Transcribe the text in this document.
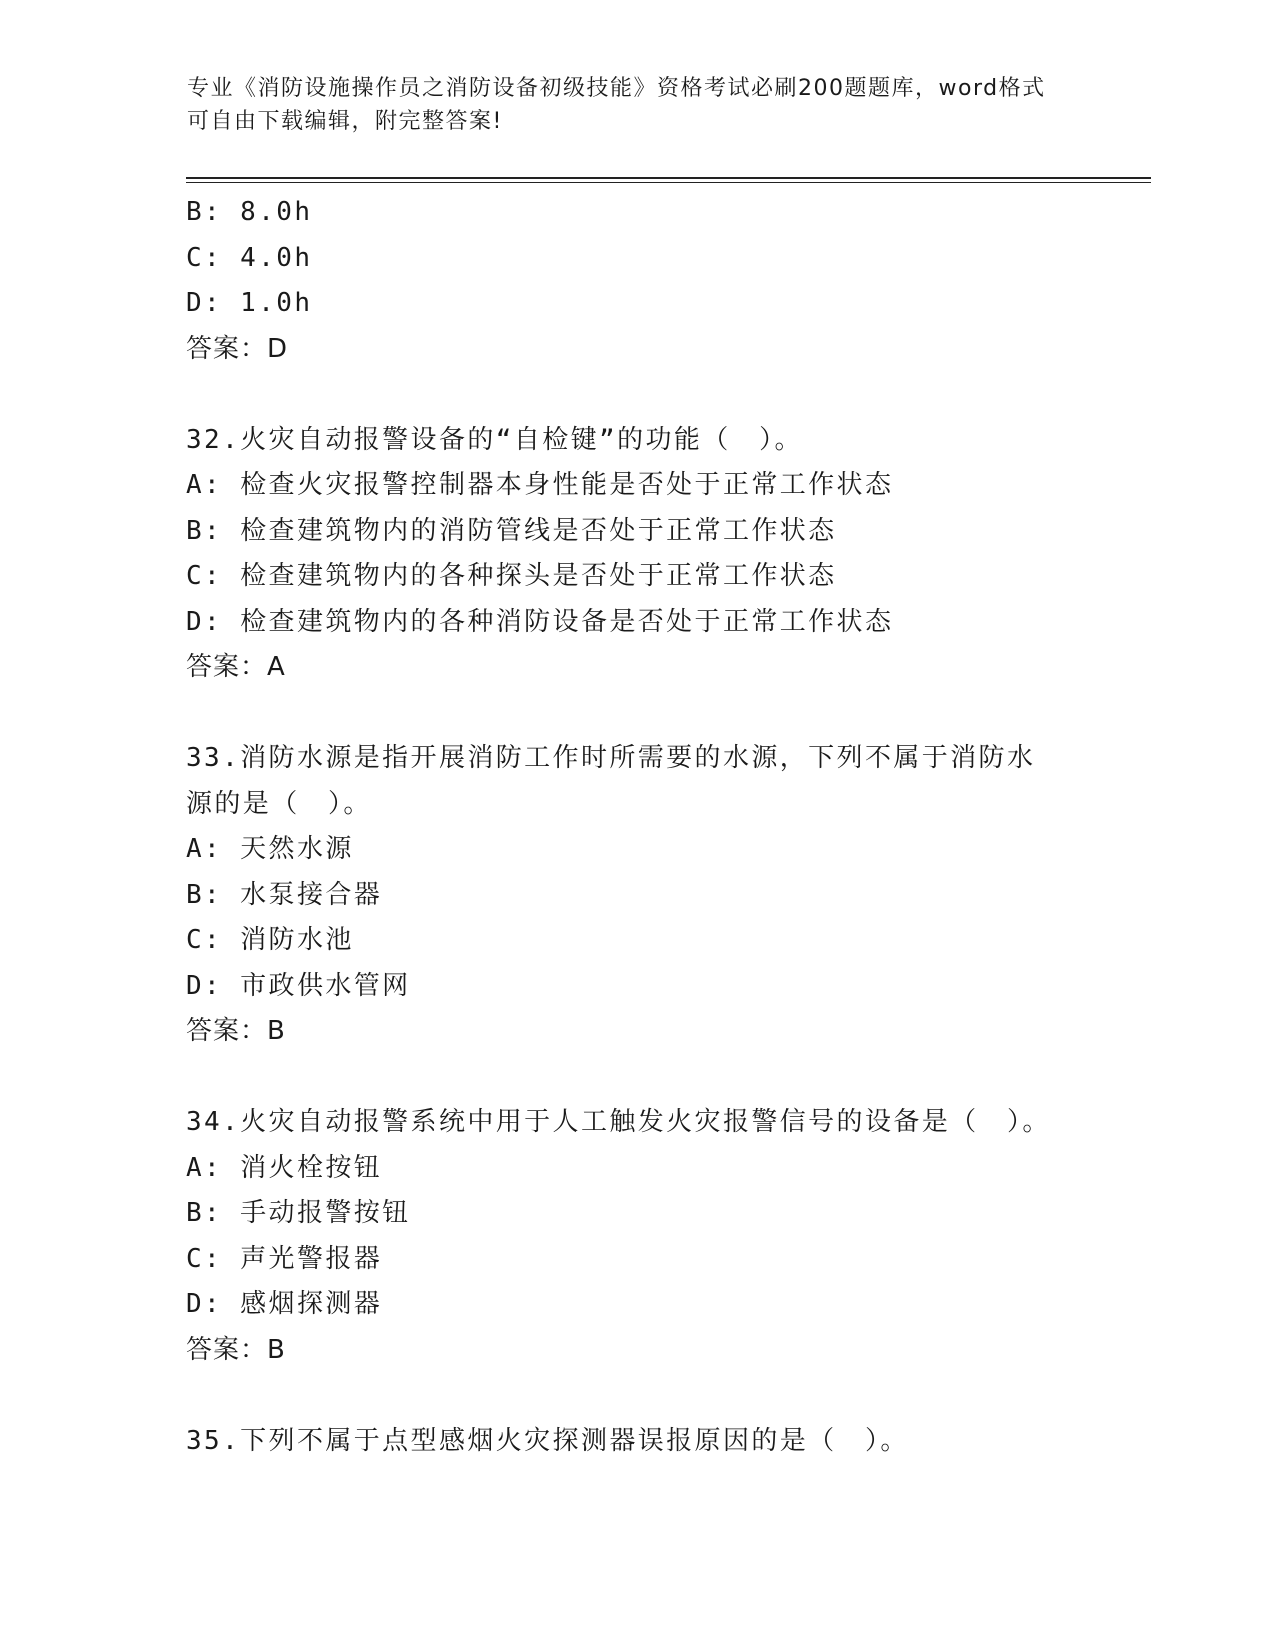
专业《消防设施操作员之消防设备初级技能》资格考试必刷200题题库，word格式可自由下载编辑，附完整答案!
B: 8.0h
C: 4.0h
D: 1.0h
答案：D
32.火灾自动报警设备的“自检键”的功能（　）。
A: 检查火灾报警控制器本身性能是否处于正常工作状态
B: 检查建筑物内的消防管线是否处于正常工作状态
C: 检查建筑物内的各种探头是否处于正常工作状态
D: 检查建筑物内的各种消防设备是否处于正常工作状态
答案：A
33.消防水源是指开展消防工作时所需要的水源，下列不属于消防水源的是（　）。
A: 天然水源
B: 水泵接合器
C: 消防水池
D: 市政供水管网
答案：B
34.火灾自动报警系统中用于人工触发火灾报警信号的设备是（　）。
A: 消火栓按钮
B: 手动报警按钮
C: 声光警报器
D: 感烟探测器
答案：B
35.下列不属于点型感烟火灾探测器误报原因的是（　）。
